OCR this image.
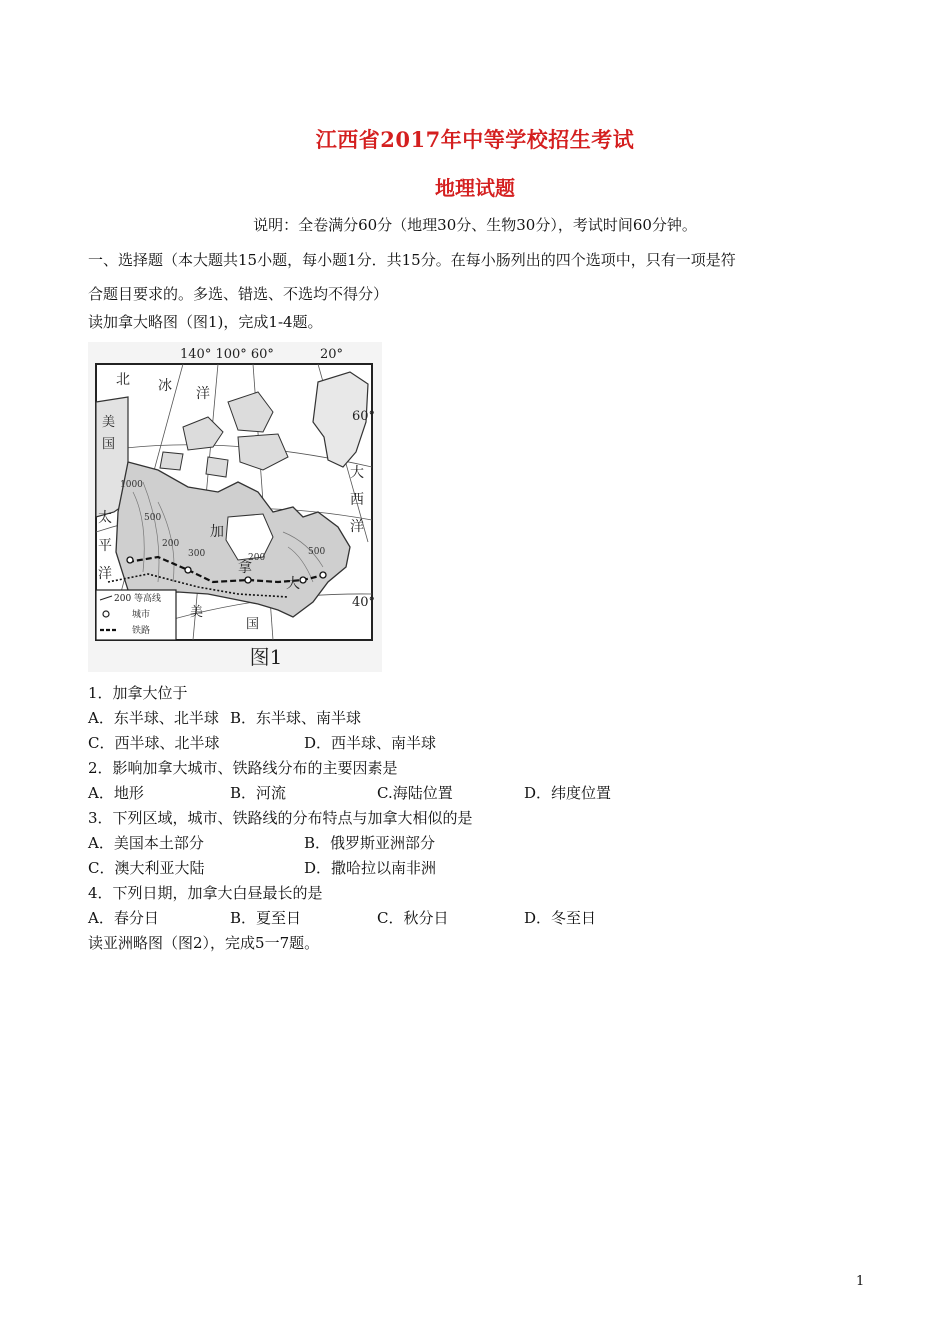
江西省2017年中等学校招生考试
地理试题
说明：全卷满分60分（地理30分、生物30分），考试时间60分钟。
一、选择题（本大题共15小题，每小题1分．共15分。在每小肠列出的四个选项中，只有一项是符
合题目要求的。多选、错选、不选均不得分）
读加拿大略图（图1)，完成1-4题。
140° 100° 60°	20°
60°
40°
北 冰 洋
大
西
洋
太
平
洋
美
国
加
拿
大
1000
500
300	200
200
500
美
国
200 等高线
城市
铁路
图1
1．加拿大位于
A．东半球、北半球 B．东半球、南半球
C．西半球、北半球	D．西半球、南半球
2．影响加拿大城市、铁路线分布的主要因素是
A．地形	B．河流	C.海陆位置	D．纬度位置
3．下列区域，城市、铁路线的分布特点与加拿大相似的是
A．美国本土部分	B．俄罗斯亚洲部分
C．澳大利亚大陆	D．撒哈拉以南非洲
4．下列日期，加拿大白昼最长的是
A．春分日	B．夏至日	C．秋分日	D．冬至日
读亚洲略图（图2），完成5一7题。
1
